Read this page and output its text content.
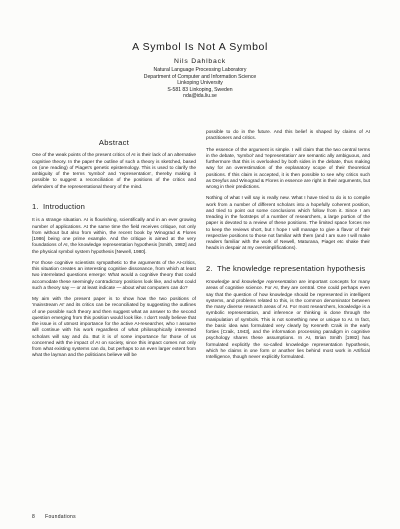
A Symbol Is Not A Symbol
Nils Dahlback
Natural Language Processing Laboratory
Department of Computer and Information Science
Linkoping University
S-581 83 Linkoping, Sweden
nda@ida.liu.se
Abstract

One of the weak points of the present critics of AI is their lack of an alternative cognitive theory. In the paper the outline of such a theory is sketched, based on (one reading) of Piaget's genetic epistemology. This is used to clarify the ambiguity of the terms 'symbol' and 'representation', thereby making it possible to suggest a reconciliation of the positions of the critics and defenders of the representational theory of the mind.

1. Introduction

It is a strange situation. AI is flourishing, scientifically and in an ever growing number of applications. At the same time the field receives critique, not only from without but also from within, the recent book by Winograd & Flores [1986] being one prime example. And the critique is aimed at the very foundations of AI, the knowledge representation hypothesis [Smith, 1982] and the physical symbol system hypothesis [Newell, 1980].

For those cognitive scientists sympathetic to the arguments of the AI-critics, this situation creates an interesting cognitive dissonance, from which at least two interrelated questions emerge: What would a cognitive theory that could accomodate these seemingly contradictory positions look like, and what could such a theory say — or at least indicate — about what computers can do?

My aim with the present paper is to show how the two positions of 'mainstream AI' and its critics can be reconciliated by suggesting the outlines of one possible such theory and then suggest what an answer to the second question emerging from this position would look like. I don't really believe that the issue is of utmost importance for the active AI-researcher, who I assume will continue with his work regardless of what philosophically interested scholars will say and do. But it is of some importance for those of us concerned with the impact of AI on society, since this impact comes not only from what existing systems can do, but perhaps to an even larger extent from what the layman and the politicians believe will be

possible to do in the future. And this belief is shaped by claims of AI practitioners and critics.

The essence of the argument is simple. I will claim that the two central terms in the debate, 'symbol' and 'representation' are semantic ally ambiguous, and furthermore that this is overlooked by both sides in the debate, thus making way for an overestimation of the explanatory scope of their theoretical positions. If this claim is accepted, it is then possible to see why critics such as Dreyfus and Winograd & Flores in essence are right in their arguments, but wrong in their predictions.

Nothing of what I will say is really new. What I have tried to do is to compile work from a number of different scholars into a hopefully coherent position, and tried to point out some conclusions which follow from it. Since I am treading in the footsteps of a number of researchers, a large portion of the paper is devoted to a review of these positions. The limited space forces me to keep the reviews short, but I hope I will manage to give a flavor of their respective positions to those not familiar with them (and I am sure I will make readers familiar with the work of Newell, Maturana, Piaget etc shake their heads in despair at my oversimplifications).

2. The knowledge representation hypothesis

Knowledge and knowledge representation are important concepts for many areas of cognitive science. For AI, they are central. One could perhaps even say that the question of how knowledge should be represented in intelligent systems, and problems related to this, is the common denominator between the many diverse research areas of AI. For most researchers, knowledge is a symbolic representation, and inference or thinking is done through the manipulation of symbols. This is not something new or unique to AI. In fact, the basic idea was formulated very clearly by Kenneth Craik in the early forties [Craik, 1943], and the information processing paradigm in cognitive psychology shares these assumptions. In AI, Brian Smith [1982] has formulated explicitly the so-called knowledge representation hypothesis, which he claims in one form or another lies behind most work in Artificial Intelligence, though never explicitly formulated.

8 Foundations
